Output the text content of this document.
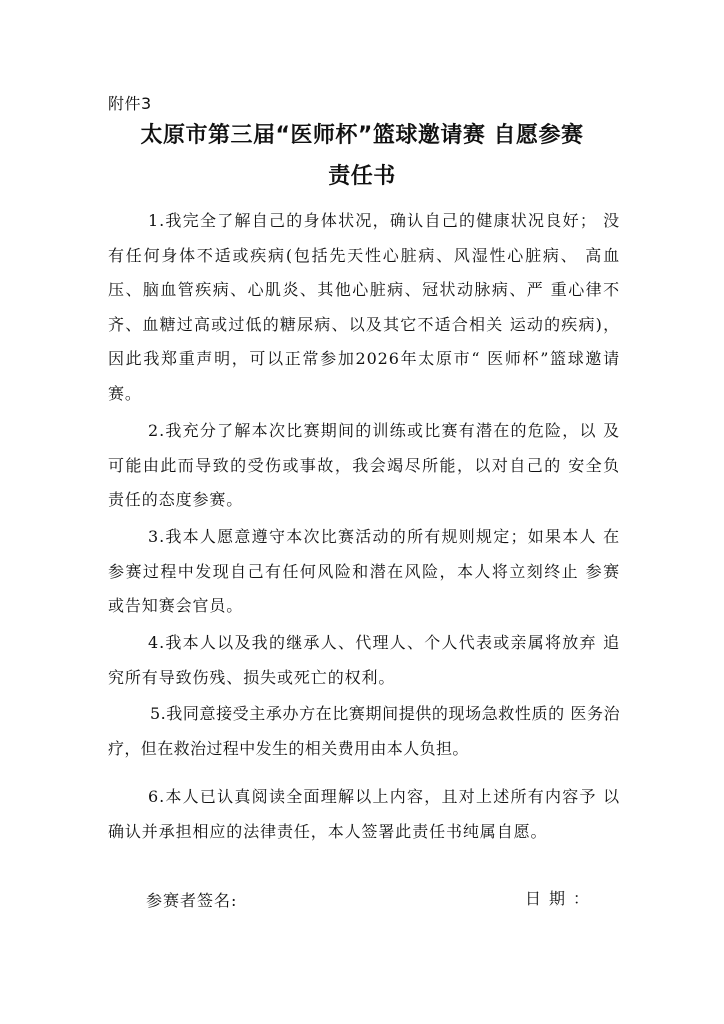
附件3
太原市第三届“医师杯”篮球邀请赛 自愿参赛
责任书

1.我完全了解自己的身体状况，确认自己的健康状况良好； 没有任何身体不适或疾病(包括先天性心脏病、风湿性心脏病、 高血压、脑血管疾病、心肌炎、其他心脏病、冠状动脉病、严 重心律不齐、血糖过高或过低的糖尿病、以及其它不适合相关 运动的疾病)，因此我郑重声明，可以正常参加2026年太原市“ 医师杯”篮球邀请赛。

2.我充分了解本次比赛期间的训练或比赛有潜在的危险，以 及可能由此而导致的受伤或事故，我会竭尽所能，以对自己的 安全负责任的态度参赛。

3.我本人愿意遵守本次比赛活动的所有规则规定；如果本人 在参赛过程中发现自己有任何风险和潜在风险，本人将立刻终止 参赛或告知赛会官员。

4.我本人以及我的继承人、代理人、个人代表或亲属将放弃 追究所有导致伤残、损失或死亡的权利。

5.我同意接受主承办方在比赛期间提供的现场急救性质的 医务治疗，但在救治过程中发生的相关费用由本人负担。

6.本人已认真阅读全面理解以上内容，且对上述所有内容予 以确认并承担相应的法律责任，本人签署此责任书纯属自愿。

参赛者签名:	日期：
